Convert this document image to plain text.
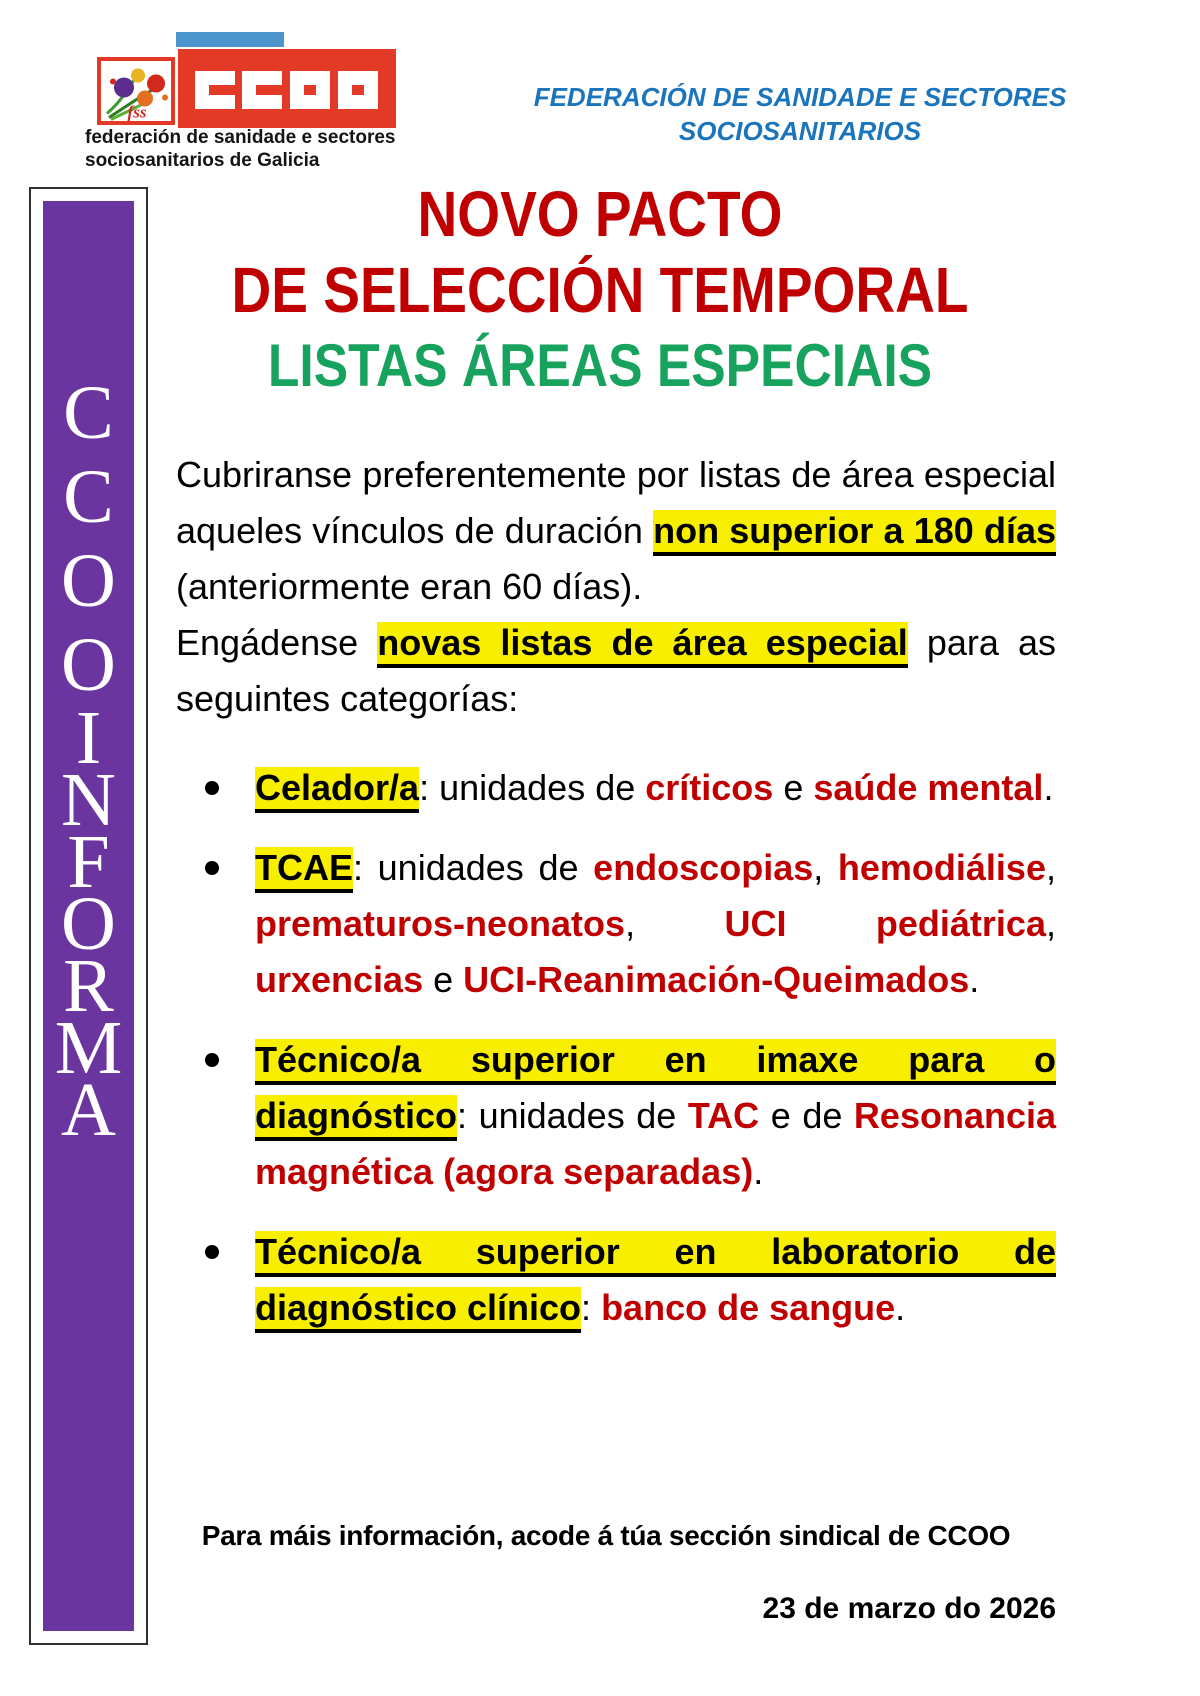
fss
federación de sanidade e sectores
sociosanitarios de Galicia
FEDERACIÓN DE SANIDADE E SECTORES
SOCIOSANITARIOS
C
C
O
O
I
N
F
O
R
M
A
NOVO PACTO
DE SELECCIÓN TEMPORAL
LISTAS ÁREAS ESPECIAIS

Cubriranse preferentemente por listas de área especial aqueles vínculos de duración non superior a 180 días (anteriormente eran 60 días).

Engádense novas listas de área especial para as seguintes categorías:

Celador/a: unidades de críticos e saúde mental.
TCAE: unidades de endoscopias, hemodiálise, prematuros-neonatos, UCI pediátrica, urxencias e UCI-Reanimación-Queimados.
Técnico/a superior en imaxe para o diagnóstico: unidades de TAC e de Resonancia magnética (agora separadas).
Técnico/a superior en laboratorio de diagnóstico clínico: banco de sangue.
Para máis información, acode á túa sección sindical de CCOO
23 de marzo do 2026
